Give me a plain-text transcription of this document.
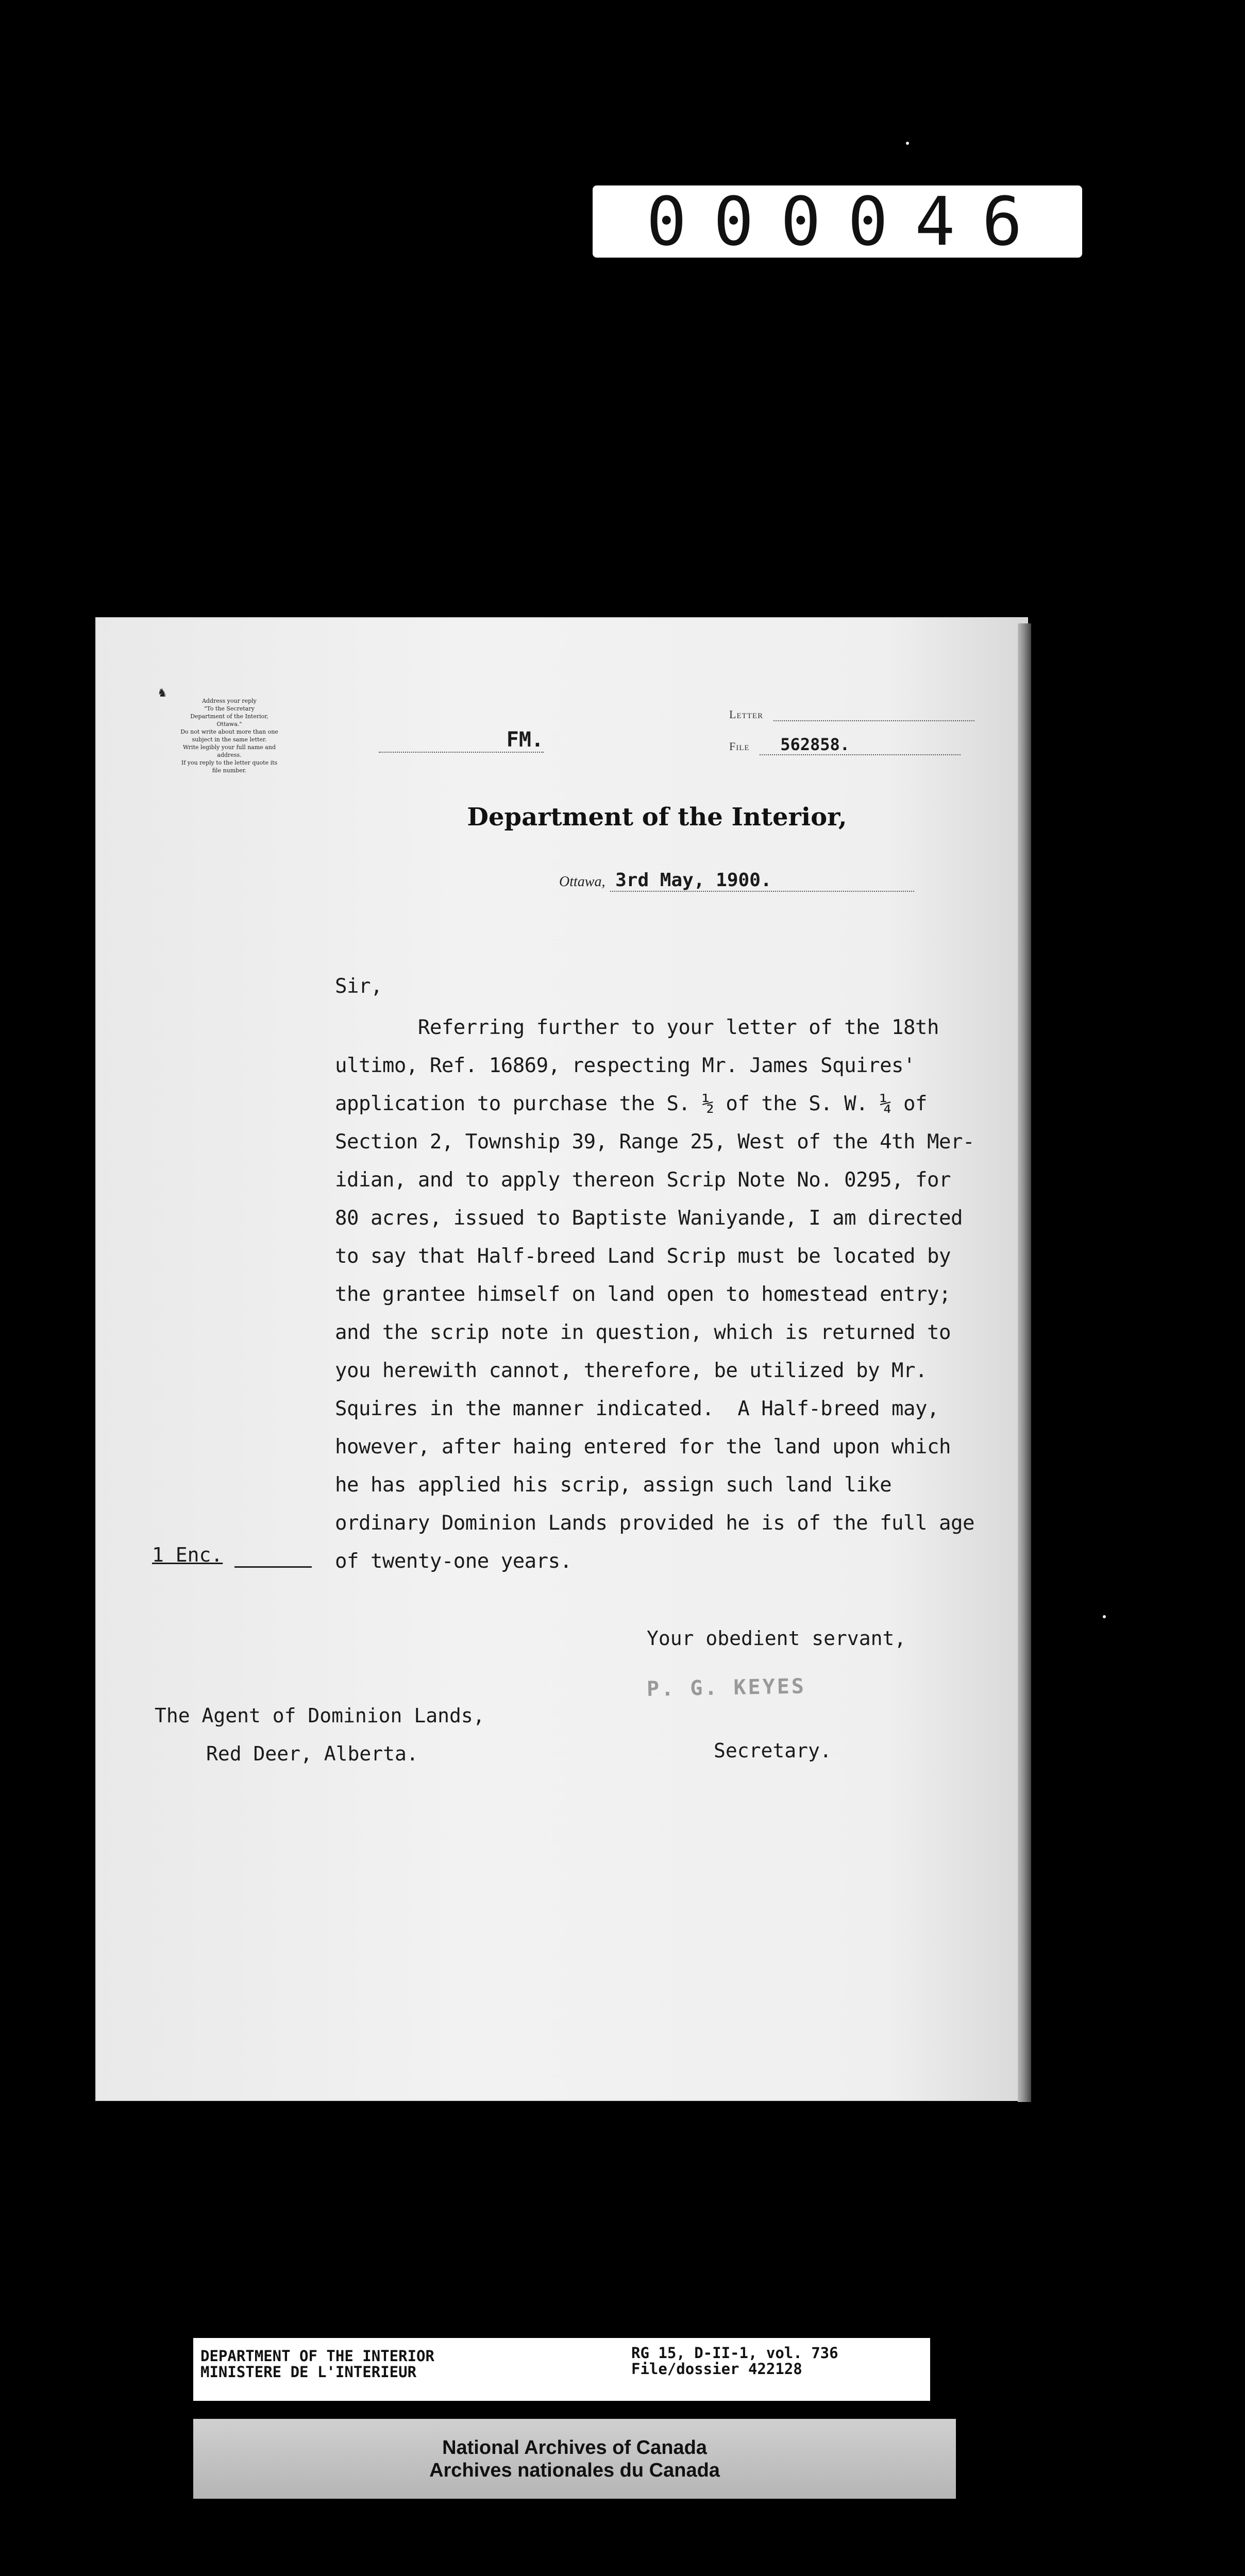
000046
♞
Address your reply
"To the Secretary
Department of the Interior,
Ottawa."
Do not write about more than one
subject in the same letter.
Write legibly your full name and
address.
If you reply to the letter quote its
file number.
FM.
Letter
File 562858.
Department of the Interior,
Ottawa, 3rd May, 1900.

Sir,

Referring further to your letter of the 18th
ultimo, Ref. 16869, respecting Mr. James Squires'
application to purchase the S. ½ of the S. W. ¼ of
Section 2, Township 39, Range 25, West of the 4th Mer-
idian, and to apply thereon Scrip Note No. 0295, for
80 acres, issued to Baptiste Waniyande, I am directed
to say that Half-breed Land Scrip must be located by
the grantee himself on land open to homestead entry;
and the scrip note in question, which is returned to
you herewith cannot, therefore, be utilized by Mr.
Squires in the manner indicated.  A Half-breed may,
however, after haing entered for the land upon which
he has applied his scrip, assign such land like
ordinary Dominion Lands provided he is of the full age
of twenty-one years.
1 Enc.
Your obedient servant,
P. G. KEYES
Secretary.
The Agent of Dominion Lands,
Red Deer, Alberta.
DEPARTMENT OF THE INTERIOR
MINISTERE DE L'INTERIEUR
RG 15, D-II-1, vol. 736
File/dossier 422128
National Archives of Canada
Archives nationales du Canada
